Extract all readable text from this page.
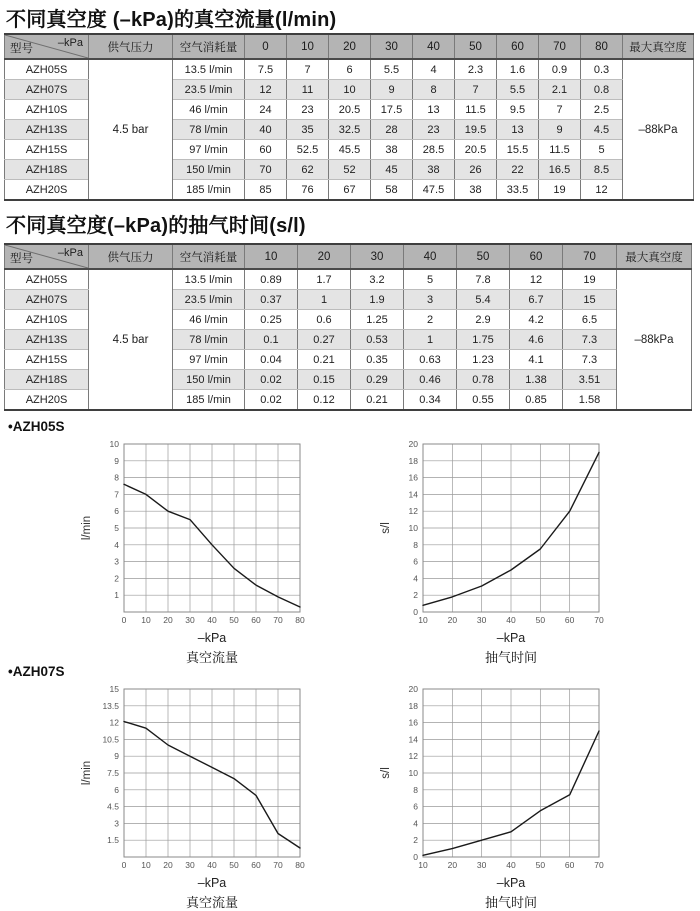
不同真空度 (–kPa)的真空流量(l/min)
–kPa
型号	供气压力	空气消耗量	0	10	20	30	40	50	60	70	80	最大真空度
AZH05S	4.5 bar	13.5 l/min	7.5	7	6	5.5	4	2.3	1.6	0.9	0.3	–88kPa
AZH07S		23.5 l/min	12	11	10	9	8	7	5.5	2.1	0.8	
AZH10S		46 l/min	24	23	20.5	17.5	13	11.5	9.5	7	2.5	
AZH13S		78 l/min	40	35	32.5	28	23	19.5	13	9	4.5	
AZH15S		97 l/min	60	52.5	45.5	38	28.5	20.5	15.5	11.5	5	
AZH18S		150 l/min	70	62	52	45	38	26	22	16.5	8.5	
AZH20S		185 l/min	85	76	67	58	47.5	38	33.5	19	12	
不同真空度(–kPa)的抽气时间(s/l)
–kPa
型号	供气压力	空气消耗量	10	20	30	40	50	60	70	最大真空度
AZH05S	4.5 bar	13.5 l/min	0.89	1.7	3.2	5	7.8	12	19	–88kPa
AZH07S		23.5 l/min	0.37	1	1.9	3	5.4	6.7	15	
AZH10S		46 l/min	0.25	0.6	1.25	2	2.9	4.2	6.5	
AZH13S		78 l/min	0.1	0.27	0.53	1	1.75	4.6	7.3	
AZH15S		97 l/min	0.04	0.21	0.35	0.63	1.23	4.1	7.3	
AZH18S		150 l/min	0.02	0.15	0.29	0.46	0.78	1.38	3.51	
AZH20S		185 l/min	0.02	0.12	0.21	0.34	0.55	0.85	1.58	
•AZH05S
0 10 20 30 40 50 60 70 80
1
2
3
4
5
6
7
8
9
10
l/min
–kPa
真空流量
10 20 30 40 50 60 70
0
2
4
6
8
10
12
14
16
18
20
s/l
–kPa
抽气时间
•AZH07S
0 10 20 30 40 50 60 70 80
1.5
3
4.5
6
7.5
9
10.5
12
13.5
15
l/min
–kPa
真空流量
10 20 30 40 50 60 70
0
2
4
6
8
10
12
14
16
18
20
s/l
–kPa
抽气时间
